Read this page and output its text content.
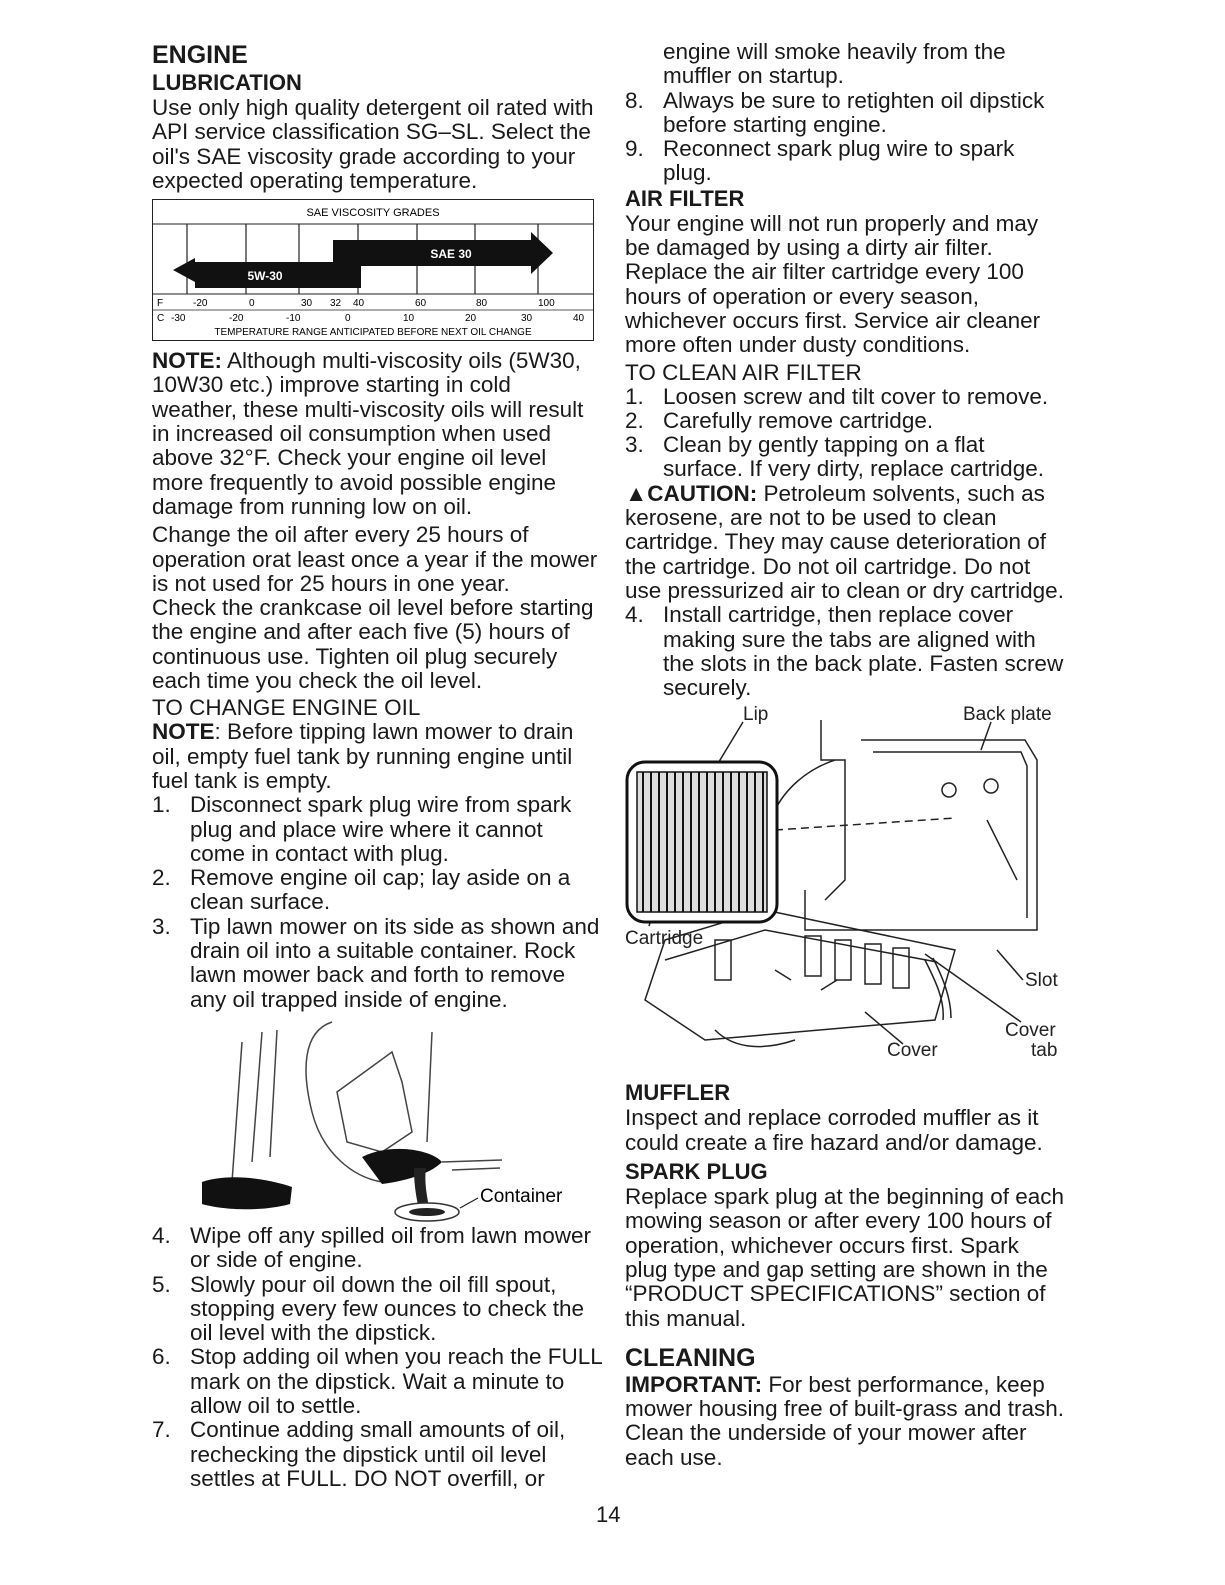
ENGINE
LUBRICATION

Use only high quality detergent oil rated with API service classification SG–SL. Select the oil's SAE viscosity grade according to your expected operating temperature.

SAE VISCOSITY GRADES
SAE 30
5W-30
F	-20	0	30 32 40	60	80	100
C -30	-20	-10	0	10	20	30	40
TEMPERATURE RANGE ANTICIPATED BEFORE NEXT OIL CHANGE

NOTE: Although multi-viscosity oils (5W30, 10W30 etc.) improve starting in cold weather, these multi-viscosity oils will result in increased oil consumption when used above 32°F. Check your engine oil level more frequently to avoid possible engine damage from running low on oil.

Change the oil after every 25 hours of operation orat least once a year if the mower is not used for 25 hours in one year.

Check the crankcase oil level before starting the engine and after each five (5) hours of continuous use. Tighten oil plug securely each time you check the oil level.

TO CHANGE ENGINE OIL

NOTE: Before tipping lawn mower to drain oil, empty fuel tank by running engine until fuel tank is empty.

1. Disconnect spark plug wire from spark plug and place wire where it cannot come in contact with plug.
2. Remove engine oil cap; lay aside on a clean surface.
3. Tip lawn mower on its side as shown and drain oil into a suitable container. Rock lawn mower back and forth to remove any oil trapped inside of engine.
Container
4. Wipe off any spilled oil from lawn mower or side of engine.
5. Slowly pour oil down the oil fill spout, stopping every few ounces to check the oil level with the dipstick.
6. Stop adding oil when you reach the FULL mark on the dipstick. Wait a minute to allow oil to settle.
7. Continue adding small amounts of oil, rechecking the dipstick until oil level settles at FULL. DO NOT overfill, or
engine will smoke heavily from the muffler on startup.
8. Always be sure to retighten oil dipstick before starting engine.
9. Reconnect spark plug wire to spark plug.
AIR FILTER

Your engine will not run properly and may be damaged by using a dirty air filter. Replace the air filter cartridge every 100 hours of operation or every season, whichever occurs first. Service air cleaner more often under dusty conditions.

TO CLEAN AIR FILTER
1. Loosen screw and tilt cover to remove.
2. Carefully remove cartridge.
3. Clean by gently tapping on a flat surface. If very dirty, replace cartridge.

▲CAUTION: Petroleum solvents, such as kerosene, are not to be used to clean cartridge. They may cause deterioration of the cartridge. Do not oil cartridge. Do not use pressurized air to clean or dry cartridge.

4. Install cartridge, then replace cover making sure the tabs are aligned with the slots in the back plate. Fasten screw securely.
Lip	Back plate
Cartridge
Slot
Cover
Cover
tab
MUFFLER

Inspect and replace corroded muffler as it could create a fire hazard and/or damage.

SPARK PLUG

Replace spark plug at the beginning of each mowing season or after every 100 hours of operation, whichever occurs first. Spark plug type and gap setting are shown in the “PRODUCT SPECIFICATIONS” section of this manual.

CLEANING

IMPORTANT: For best performance, keep mower housing free of built-grass and trash. Clean the underside of your mower after each use.

14
